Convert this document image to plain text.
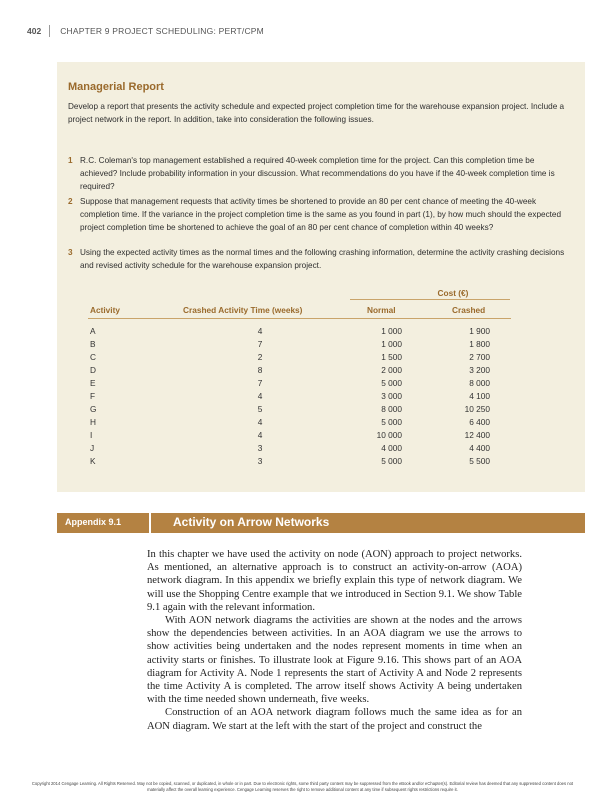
402 CHAPTER 9 PROJECT SCHEDULING: PERT/CPM
Managerial Report
Develop a report that presents the activity schedule and expected project completion time for the warehouse expansion project. Include a project network in the report. In addition, take into consideration the following issues.
1 R.C. Coleman's top management established a required 40-week completion time for the project. Can this completion time be achieved? Include probability information in your discussion. What recommendations do you have if the 40-week completion time is required?
2 Suppose that management requests that activity times be shortened to provide an 80 per cent chance of meeting the 40-week completion time. If the variance in the project completion time is the same as you found in part (1), by how much should the expected project completion time be shortened to achieve the goal of an 80 per cent chance of completion within 40 weeks?
3 Using the expected activity times as the normal times and the following crashing information, determine the activity crashing decisions and revised activity schedule for the warehouse expansion project.
Cost (€)
Activity	Crashed Activity Time (weeks)	Normal	Crashed
A	4	1 000	1 900
B	7	1 000	1 800
C	2	1 500	2 700
D	8	2 000	3 200
E	7	5 000	8 000
F	4	3 000	4 100
G	5	8 000	10 250
H	4	5 000	6 400
I	4	10 000	12 400
J	3	4 000	4 400
K	3	5 000	5 500
Appendix 9.1	Activity on Arrow Networks

In this chapter we have used the activity on node (AON) approach to project networks. As mentioned, an alternative approach is to construct an activity-on-arrow (AOA) network diagram. In this appendix we briefly explain this type of network diagram. We will use the Shopping Centre example that we introduced in Section 9.1. We show Table 9.1 again with the relevant information.

With AON network diagrams the activities are shown at the nodes and the arrows show the dependencies between activities. In an AOA diagram we use the arrows to show activities being undertaken and the nodes represent moments in time when an activity starts or finishes. To illustrate look at Figure 9.16. This shows part of an AOA diagram for Activity A. Node 1 represents the start of Activity A and Node 2 represents the time Activity A is completed. The arrow itself shows Activity A being undertaken with the time needed shown underneath, five weeks.

Construction of an AOA network diagram follows much the same idea as for an AON diagram. We start at the left with the start of the project and construct the

Copyright 2014 Cengage Learning. All Rights Reserved. May not be copied, scanned, or duplicated, in whole or in part. Due to electronic rights, some third party content may be suppressed from the eBook and/or eChapter(s). Editorial review has deemed that any suppressed content does not materially affect the overall learning experience. Cengage Learning reserves the right to remove additional content at any time if subsequent rights restrictions require it.
